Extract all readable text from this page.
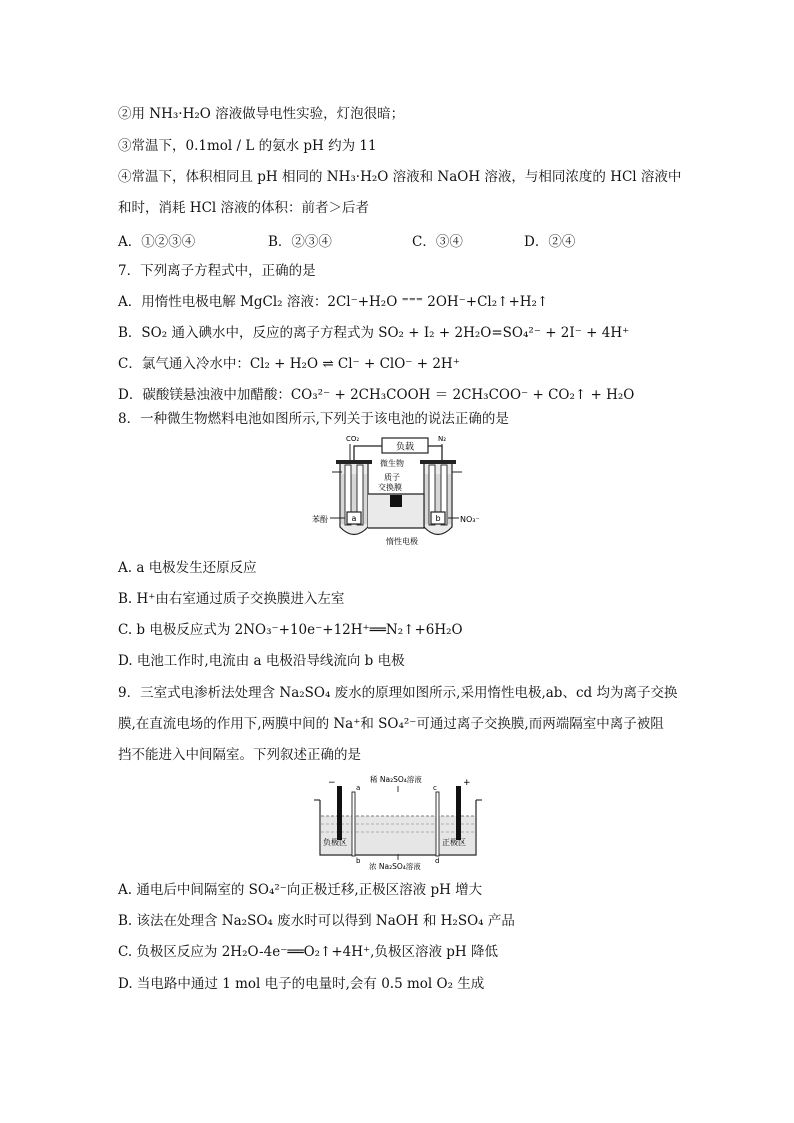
②用 NH₃·H₂O 溶液做导电性实验，灯泡很暗；
③常温下，0.1mol / L 的氨水 pH 约为 11
④常温下，体积相同且 pH 相同的 NH₃·H₂O 溶液和 NaOH 溶液，与相同浓度的 HCl 溶液中
和时，消耗 HCl 溶液的体积：前者＞后者
A．①②③④	B．②③④	C．③④	D．②④
7．下列离子方程式中，正确的是
A．用惰性电极电解 MgCl₂ 溶液：2Cl⁻+H₂O ⁼⁼⁼ 2OH⁻+Cl₂↑+H₂↑
B．SO₂ 通入碘水中，反应的离子方程式为 SO₂ + I₂ + 2H₂O=SO₄²⁻ + 2I⁻ + 4H⁺
C．氯气通入冷水中：Cl₂ + H₂O ⇌ Cl⁻ + ClO⁻ + 2H⁺
D．碳酸镁悬浊液中加醋酸：CO₃²⁻ + 2CH₃COOH ＝ 2CH₃COO⁻ + CO₂↑ + H₂O
8．一种微生物燃料电池如图所示,下列关于该电池的说法正确的是
负载
CO₂	N₂
a	b
微生物
质子
交换膜
苯酚	NO₃⁻
惰性电极
A. a 电极发生还原反应
B. H⁺由右室通过质子交换膜进入左室
C. b 电极反应式为 2NO₃⁻+10e⁻+12H⁺══N₂↑+6H₂O
D. 电池工作时,电流由 a 电极沿导线流向 b 电极
9．三室式电渗析法处理含 Na₂SO₄ 废水的原理如图所示,采用惰性电极,ab、cd 均为离子交换
膜,在直流电场的作用下,两膜中间的 Na⁺和 SO₄²⁻可通过离子交换膜,而两端隔室中离子被阻
挡不能进入中间隔室。下列叙述正确的是
−	+
稀 Na₂SO₄溶液
a	c
b	d
负极区	正极区
浓 Na₂SO₄溶液
A. 通电后中间隔室的 SO₄²⁻向正极迁移,正极区溶液 pH 增大
B. 该法在处理含 Na₂SO₄ 废水时可以得到 NaOH 和 H₂SO₄ 产品
C. 负极区反应为 2H₂O-4e⁻══O₂↑+4H⁺,负极区溶液 pH 降低
D. 当电路中通过 1 mol 电子的电量时,会有 0.5 mol O₂ 生成
